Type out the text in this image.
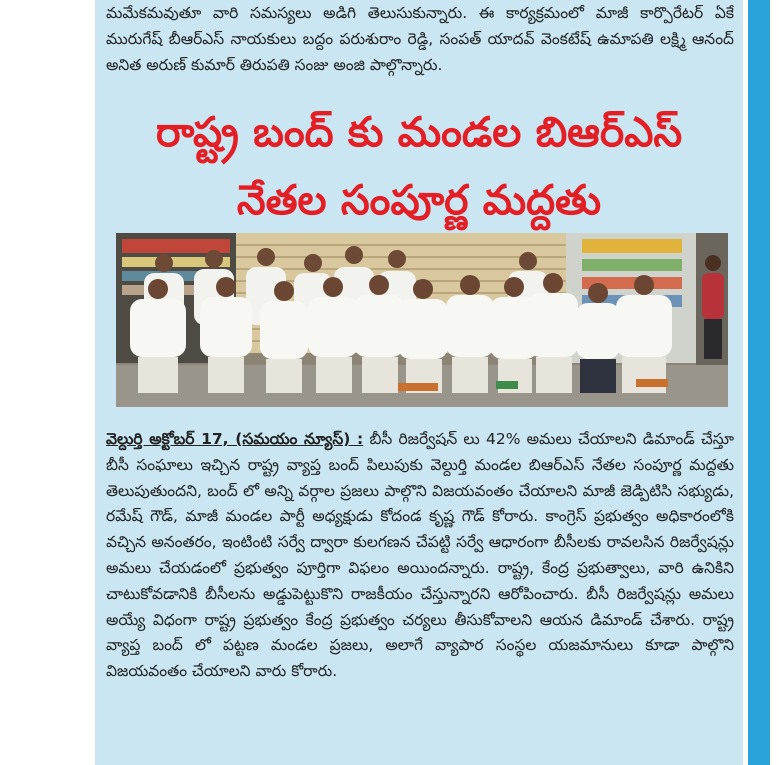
మమేకమవుతూ వారి సమస్యలు అడిగి తెలుసుకున్నారు. ఈ కార్యక్రమంలో మాజీ కార్పొరేటర్ ఏకే మురుగేష్ బీఆర్ఎస్ నాయకులు బద్దం పరుశురాం రెడ్డి, సంపత్ యాదవ్ వెంకటేష్ ఉమాపతి లక్ష్మి ఆనంద్ అనిత అరుణ్ కుమార్ తిరుపతి సంజు అంజి పాల్గొన్నారు.

రాష్ట్ర బంద్ కు మండల బిఆర్ఎస్
నేతల సంపూర్ణ మద్దతు

వెల్దుర్తి అక్టోబర్ 17, (సమయం న్యూస్) : బీసీ రిజర్వేషన్ లు 42% అమలు చేయాలని డిమాండ్ చేస్తూ బీసీ సంఘాలు ఇచ్చిన రాష్ట్ర వ్యాప్త బంద్ పిలుపుకు వెల్దుర్తి మండల బిఆర్ఎస్ నేతల సంపూర్ణ మద్దతు తెలుపుతుందని, బంద్ లో అన్ని వర్గాల ప్రజలు పాల్గొని విజయవంతం చేయాలని మాజీ జెడ్పిటిసి సభ్యుడు, రమేష్ గౌడ్, మాజీ మండల పార్టీ అధ్యక్షుడు కోదండ కృష్ణ గౌడ్ కోరారు. కాంగ్రెస్ ప్రభుత్వం అధికారంలోకి వచ్చిన అనంతరం, ఇంటింటి సర్వే ద్వారా కులగణన చేపట్టి సర్వే ఆధారంగా బీసీలకు రావలసిన రిజర్వేషన్లు అమలు చేయడంలో ప్రభుత్వం పూర్తిగా విఫలం అయిందన్నారు. రాష్ట్ర, కేంద్ర ప్రభుత్వాలు, వారి ఉనికిని చాటుకోవడానికి బీసీలను అడ్డుపెట్టుకొని రాజకీయం చేస్తున్నారని ఆరోపించారు. బీసీ రిజర్వేషన్లు అమలు అయ్యే విధంగా రాష్ట్ర ప్రభుత్వం కేంద్ర ప్రభుత్వం చర్యలు తీసుకోవాలని ఆయన డిమాండ్ చేశారు. రాష్ట్ర వ్యాప్త బంద్ లో పట్టణ మండల ప్రజలు, అలాగే వ్యాపార సంస్థల యజమానులు కూడా పాల్గొని విజయవంతం చేయాలని వారు కోరారు.
